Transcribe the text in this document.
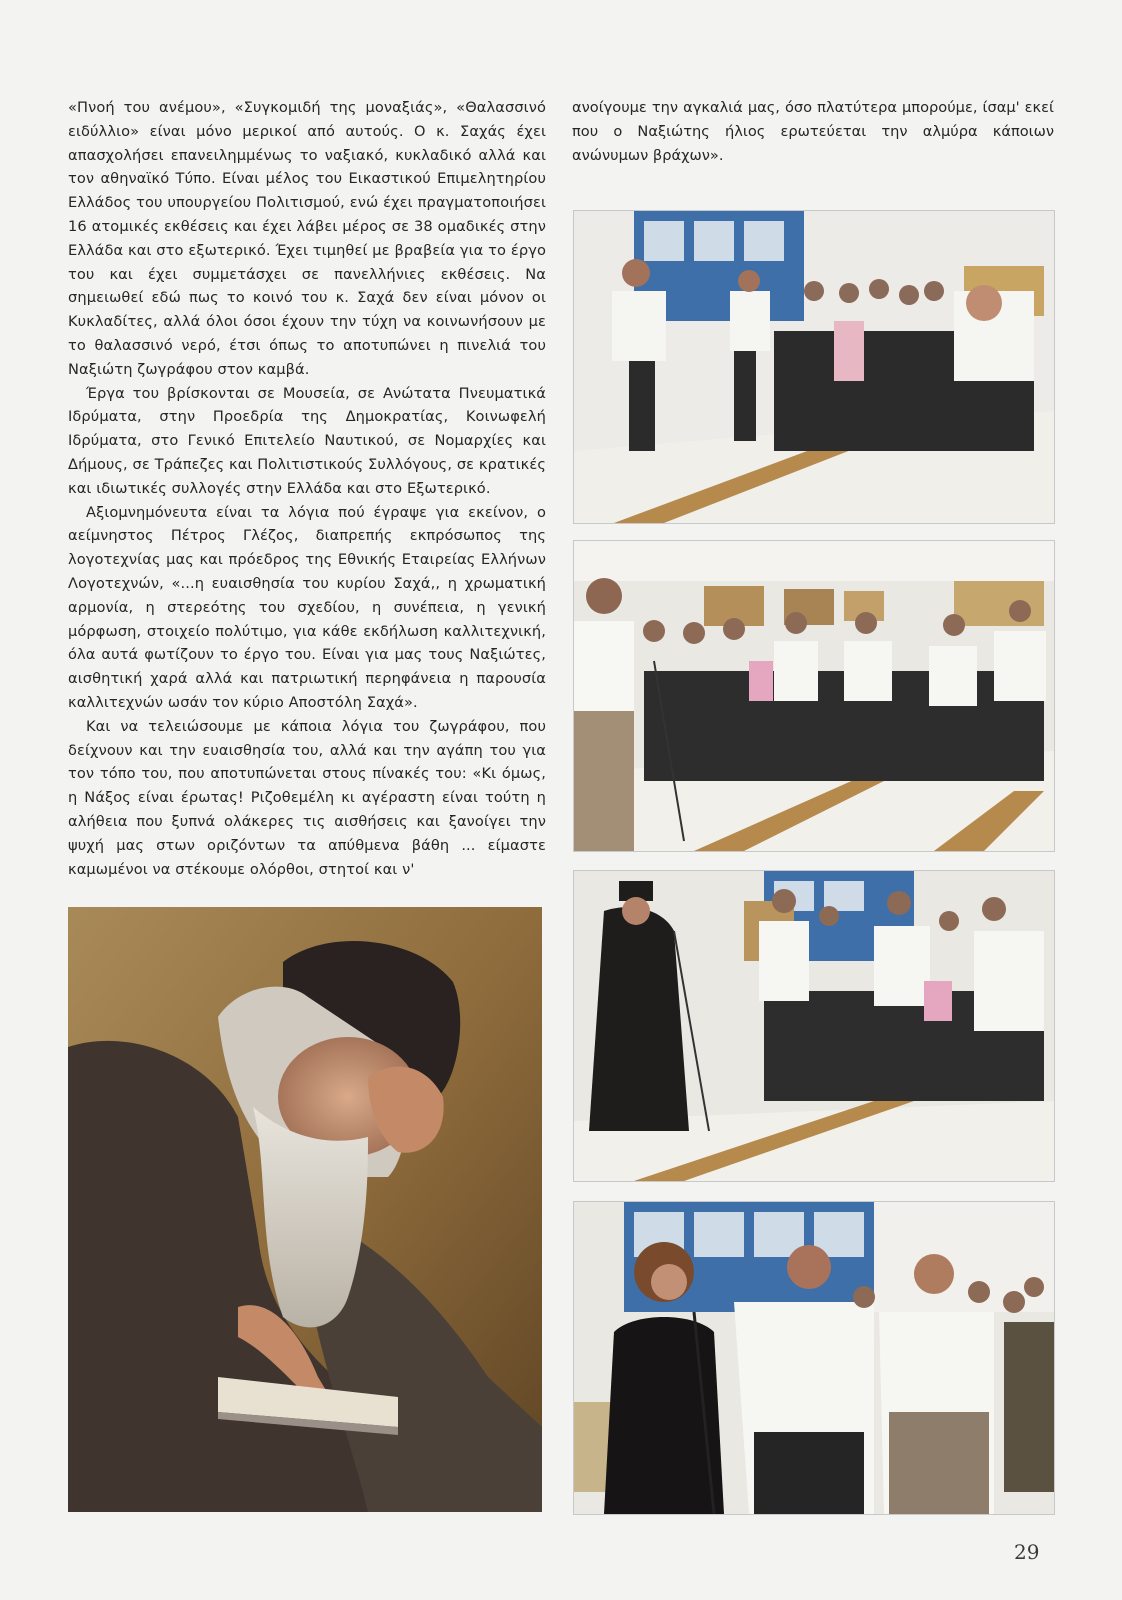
«Πνοή του ανέμου», «Συγκομιδή της μοναξιάς», «Θαλασσινό ειδύλλιο» είναι μόνο μερικοί από αυτούς. Ο κ. Σαχάς έχει απασχολήσει επανειλημμένως το ναξιακό, κυκλαδικό αλλά και τον αθηναϊκό Τύπο. Είναι μέλος του Εικαστικού Επιμελητηρίου Ελλάδος του υπουργείου Πολιτισμού, ενώ έχει πραγματοποιήσει 16 ατομικές εκθέσεις και έχει λάβει μέρος σε 38 ομαδικές στην Ελλάδα και στο εξωτερικό. Έχει τιμηθεί με βραβεία για το έργο του και έχει συμμετάσχει σε πανελλήνιες εκθέσεις. Να σημειωθεί εδώ πως το κοινό του κ. Σαχά δεν είναι μόνον οι Κυκλαδίτες, αλλά όλοι όσοι έχουν την τύχη να κοινωνήσουν με το θαλασσινό νερό, έτσι όπως το αποτυπώνει η πινελιά του Ναξιώτη ζωγράφου στον καμβά.

Έργα του βρίσκονται σε Μουσεία, σε Ανώτατα Πνευματικά Ιδρύματα, στην Προεδρία της Δημοκρατίας, Κοινωφελή Ιδρύματα, στο Γενικό Επιτελείο Ναυτικού, σε Νομαρχίες και Δήμους, σε Τράπεζες και Πολιτιστικούς Συλλόγους, σε κρατικές και ιδιωτικές συλλογές στην Ελλάδα και στο Εξωτερικό.

Αξιομνημόνευτα είναι τα λόγια πού έγραψε για εκείνον, ο αείμνηστος Πέτρος Γλέζος, διαπρεπής εκπρόσωπος της λογοτεχνίας μας και πρόεδρος της Εθνικής Εταιρείας Ελλήνων Λογοτεχνών, «...η ευαισθησία του κυρίου Σαχά,, η χρωματική αρμονία, η στερεότης του σχεδίου, η συνέπεια, η γενική μόρφωση, στοιχείο πολύτιμο, για κάθε εκδήλωση καλλιτεχνική, όλα αυτά φωτίζουν το έργο του. Είναι για μας τους Ναξιώτες, αισθητική χαρά αλλά και πατριωτική περηφάνεια η παρουσία καλλιτεχνών ωσάν τον κύριο Αποστόλη Σαχά».

Και να τελειώσουμε με κάποια λόγια του ζωγράφου, που δείχνουν και την ευαισθησία του, αλλά και την αγάπη του για τον τόπο του, που αποτυπώνεται στους πίνακές του: «Κι όμως, η Νάξος είναι έρωτας! Ριζοθεμέλη κι αγέραστη είναι τούτη η αλήθεια που ξυπνά ολάκερες τις αισθήσεις και ξανοίγει την ψυχή μας στων οριζόντων τα απύθμενα βάθη ... είμαστε καμωμένοι να στέκουμε ολόρθοι, στητοί και ν'

ανοίγουμε την αγκαλιά μας, όσο πλατύτερα μπορούμε, ίσαμ' εκεί που ο Ναξιώτης ήλιος ερωτεύεται την αλμύρα κάποιων ανώνυμων βράχων».

29
